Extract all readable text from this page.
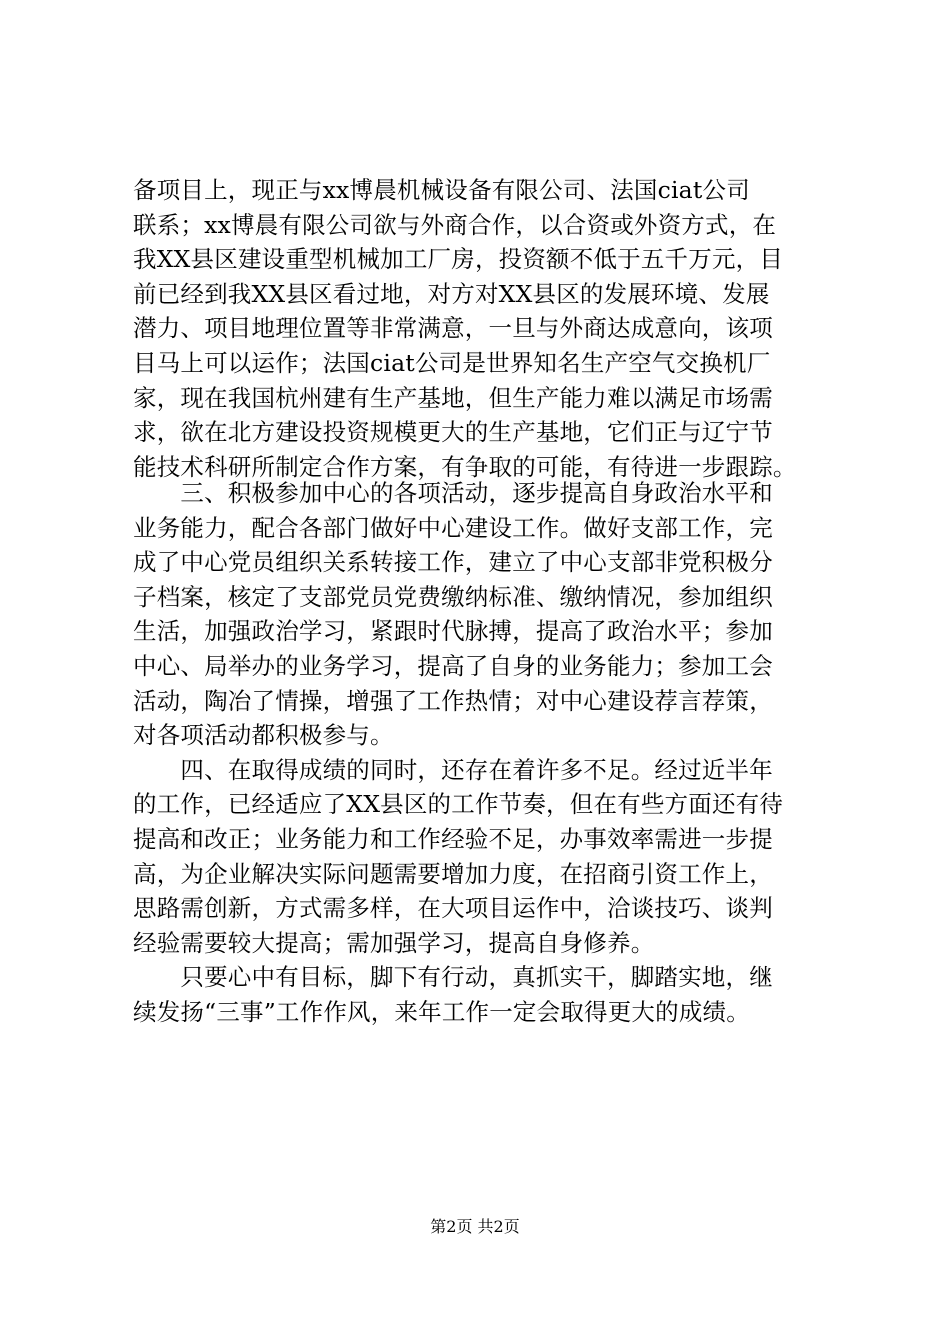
备项目上，现正与xx博晨机械设备有限公司、法国ciat公司
联系；xx博晨有限公司欲与外商合作，以合资或外资方式，在
我XX县区建设重型机械加工厂房，投资额不低于五千万元，目
前已经到我XX县区看过地，对方对XX县区的发展环境、发展
潜力、项目地理位置等非常满意，一旦与外商达成意向，该项
目马上可以运作；法国ciat公司是世界知名生产空气交换机厂
家，现在我国杭州建有生产基地，但生产能力难以满足市场需
求，欲在北方建设投资规模更大的生产基地，它们正与辽宁节
能技术科研所制定合作方案，有争取的可能，有待进一步跟踪。
　　三、积极参加中心的各项活动，逐步提高自身政治水平和
业务能力，配合各部门做好中心建设工作。做好支部工作，完
成了中心党员组织关系转接工作，建立了中心支部非党积极分
子档案，核定了支部党员党费缴纳标准、缴纳情况，参加组织
生活，加强政治学习，紧跟时代脉搏，提高了政治水平；参加
中心、局举办的业务学习，提高了自身的业务能力；参加工会
活动，陶冶了情操，增强了工作热情；对中心建设荐言荐策，
对各项活动都积极参与。
　　四、在取得成绩的同时，还存在着许多不足。经过近半年
的工作，已经适应了XX县区的工作节奏，但在有些方面还有待
提高和改正；业务能力和工作经验不足，办事效率需进一步提
高，为企业解决实际问题需要增加力度，在招商引资工作上，
思路需创新，方式需多样，在大项目运作中，洽谈技巧、谈判
经验需要较大提高；需加强学习，提高自身修养。
　　只要心中有目标，脚下有行动，真抓实干，脚踏实地，继
续发扬“三事”工作作风，来年工作一定会取得更大的成绩。
第2页 共2页
